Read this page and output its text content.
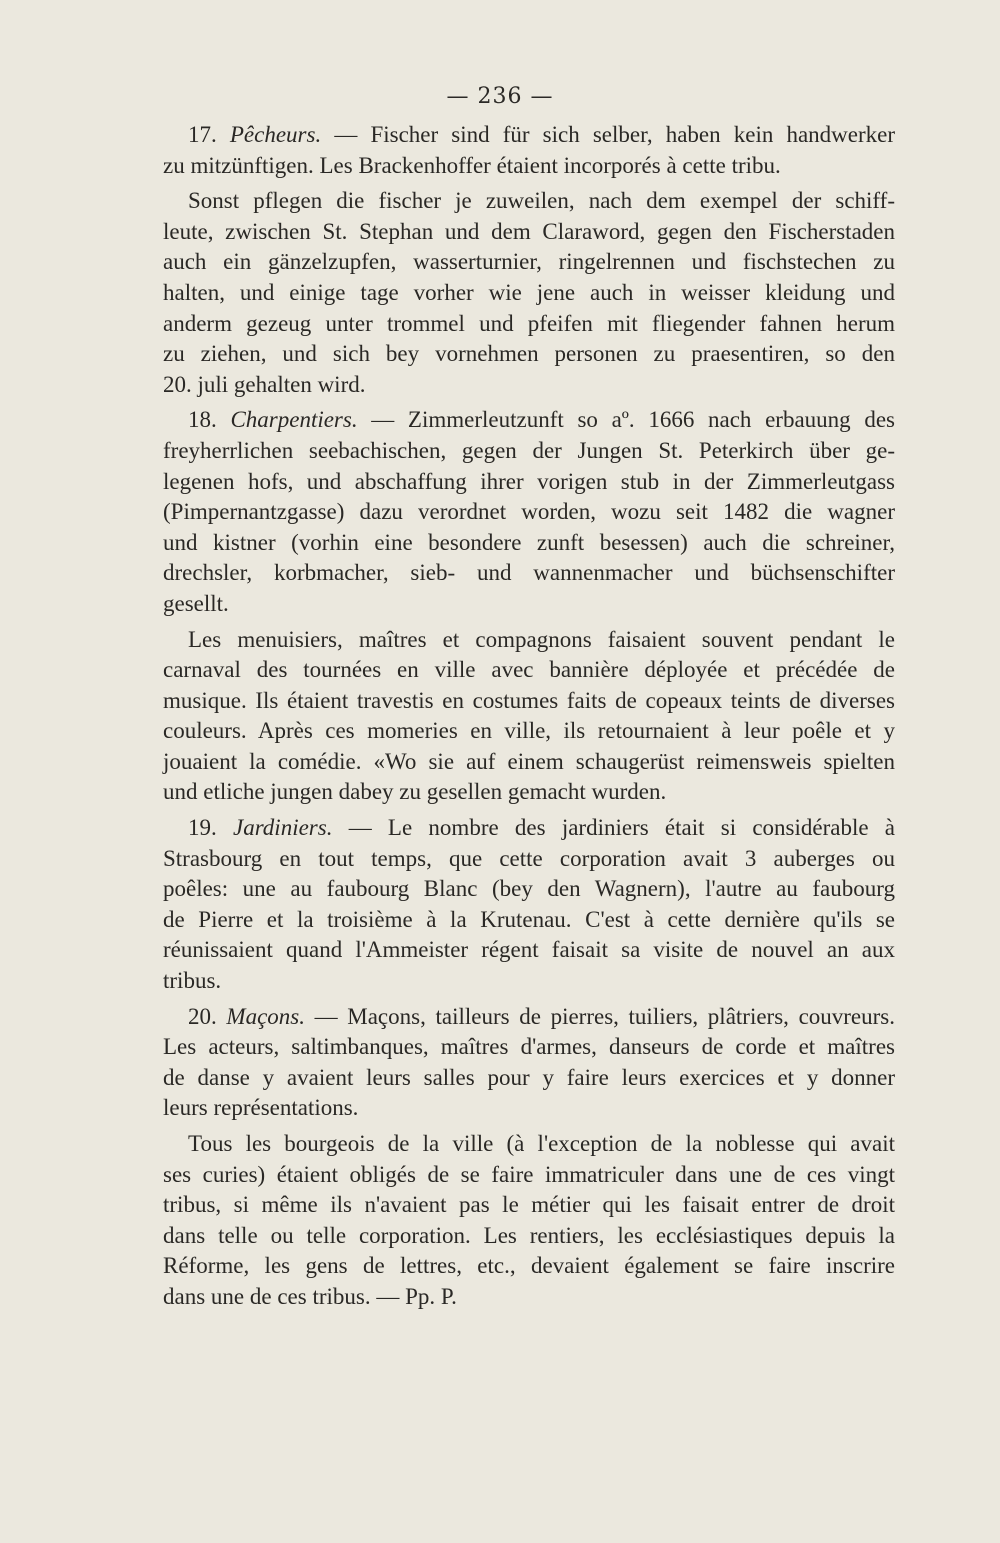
— 236 —
17. Pêcheurs. — Fischer sind für sich selber, haben kein handwerker
zu mitzünftigen. Les Brackenhoffer étaient incorporés à cette tribu.
Sonst pflegen die fischer je zuweilen, nach dem exempel der schiff-
leute, zwischen St. Stephan und dem Claraword, gegen den Fischerstaden
auch ein gänzelzupfen, wasserturnier, ringelrennen und fischstechen zu
halten, und einige tage vorher wie jene auch in weisser kleidung und
anderm gezeug unter trommel und pfeifen mit fliegender fahnen herum
zu ziehen, und sich bey vornehmen personen zu praesentiren, so den
20. juli gehalten wird.
18. Charpentiers. — Zimmerleutzunft so aº. 1666 nach erbauung des
freyherrlichen seebachischen, gegen der Jungen St. Peterkirch über ge-
legenen hofs, und abschaffung ihrer vorigen stub in der Zimmerleutgass
(Pimpernantzgasse) dazu verordnet worden, wozu seit 1482 die wagner
und kistner (vorhin eine besondere zunft besessen) auch die schreiner,
drechsler, korbmacher, sieb- und wannenmacher und büchsenschifter
gesellt.
Les menuisiers, maîtres et compagnons faisaient souvent pendant le
carnaval des tournées en ville avec bannière déployée et précédée de
musique. Ils étaient travestis en costumes faits de copeaux teints de diverses
couleurs. Après ces momeries en ville, ils retournaient à leur poêle et y
jouaient la comédie. «Wo sie auf einem schaugerüst reimensweis spielten
und etliche jungen dabey zu gesellen gemacht wurden.
19. Jardiniers. — Le nombre des jardiniers était si considérable à
Strasbourg en tout temps, que cette corporation avait 3 auberges ou
poêles: une au faubourg Blanc (bey den Wagnern), l'autre au faubourg
de Pierre et la troisième à la Krutenau. C'est à cette dernière qu'ils se
réunissaient quand l'Ammeister régent faisait sa visite de nouvel an aux
tribus.
20. Maçons. — Maçons, tailleurs de pierres, tuiliers, plâtriers, couvreurs.
Les acteurs, saltimbanques, maîtres d'armes, danseurs de corde et maîtres
de danse y avaient leurs salles pour y faire leurs exercices et y donner
leurs représentations.
Tous les bourgeois de la ville (à l'exception de la noblesse qui avait
ses curies) étaient obligés de se faire immatriculer dans une de ces vingt
tribus, si même ils n'avaient pas le métier qui les faisait entrer de droit
dans telle ou telle corporation. Les rentiers, les ecclésiastiques depuis la
Réforme, les gens de lettres, etc., devaient également se faire inscrire
dans une de ces tribus. — Pp. P.
